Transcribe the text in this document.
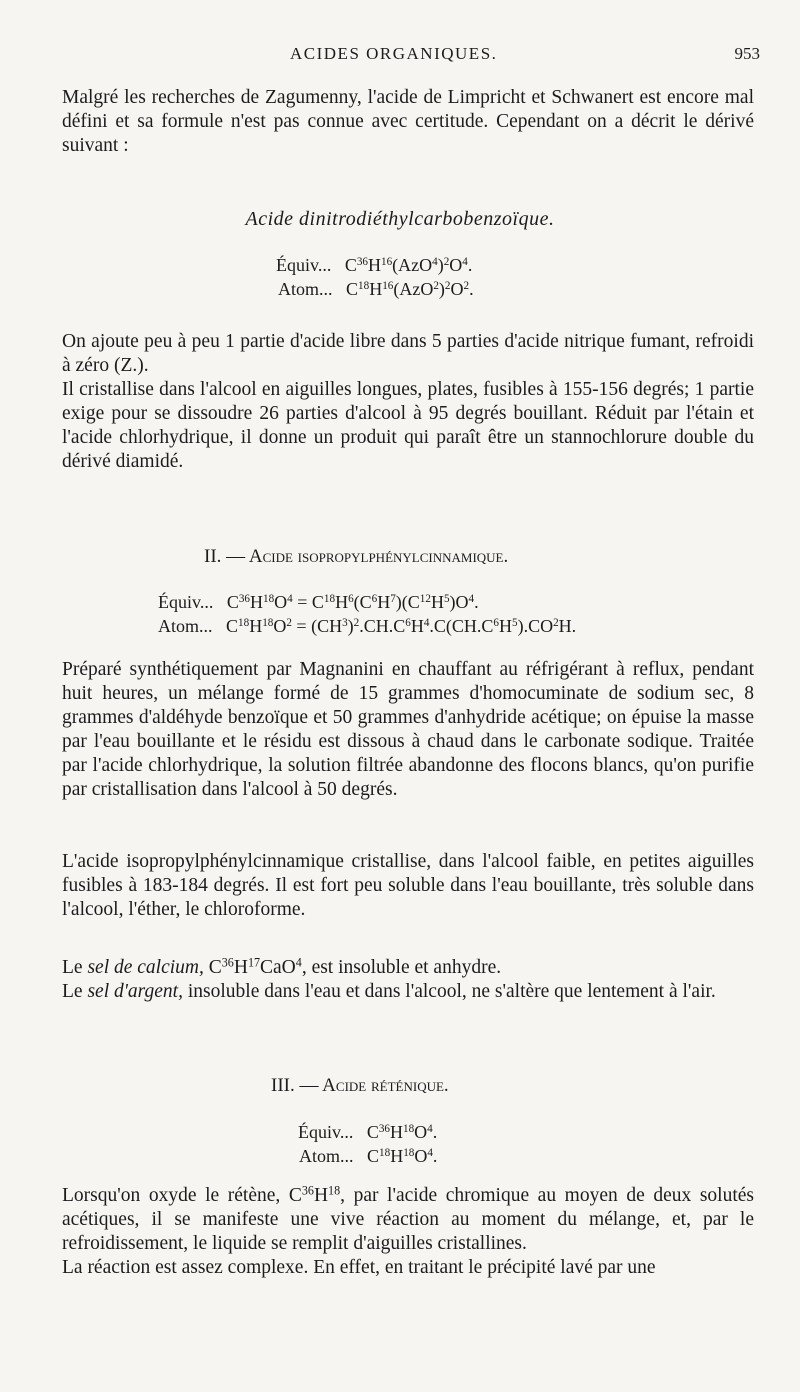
ACIDES ORGANIQUES.	953

Malgré les recherches de Zagumenny, l'acide de Limpricht et Schwanert est encore mal défini et sa formule n'est pas connue avec certitude. Cependant on a décrit le dérivé suivant :

Acide dinitrodiéthylcarbobenzoïque.

Équiv...   $C^{36}H^{16}(AzO^4)^2O^4$.
Atom...   $C^{18}H^{16}(AzO^2)^2O^2$.

On ajoute peu à peu 1 partie d'acide libre dans 5 parties d'acide nitrique fumant, refroidi à zéro (Z.).

Il cristallise dans l'alcool en aiguilles longues, plates, fusibles à 155-156 degrés; 1 partie exige pour se dissoudre 26 parties d'alcool à 95 degrés bouillant. Réduit par l'étain et l'acide chlorhydrique, il donne un produit qui paraît être un stannochlorure double du dérivé diamidé.

II. — Acide isopropylphénylcinnamique.
Équiv...   $C^{36}H^{18}O^4 = C^{18}H^6(C^6H^7)(C^{12}H^5)O^4$.
Atom...   $C^{18}H^{18}O^2 = (CH^3)^2.CH.C^6H^4.C(CH.C^6H^5).CO^2H$.

Préparé synthétiquement par Magnanini en chauffant au réfrigérant à reflux, pendant huit heures, un mélange formé de 15 grammes d'homocuminate de sodium sec, 8 grammes d'aldéhyde benzoïque et 50 grammes d'anhydride acétique; on épuise la masse par l'eau bouillante et le résidu est dissous à chaud dans le carbonate sodique. Traitée par l'acide chlorhydrique, la solution filtrée abandonne des flocons blancs, qu'on purifie par cristallisation dans l'alcool à 50 degrés.

L'acide isopropylphénylcinnamique cristallise, dans l'alcool faible, en petites aiguilles fusibles à 183-184 degrés. Il est fort peu soluble dans l'eau bouillante, très soluble dans l'alcool, l'éther, le chloroforme.

Le sel de calcium, $C^{36}H^{17}CaO^4$, est insoluble et anhydre.

Le sel d'argent, insoluble dans l'eau et dans l'alcool, ne s'altère que lentement à l'air.

III. — Acide réténique.
Équiv...   $C^{36}H^{18}O^4$.
Atom...   $C^{18}H^{18}O^4$.

Lorsqu'on oxyde le rétène, $C^{36}H^{18}$, par l'acide chromique au moyen de deux solutés acétiques, il se manifeste une vive réaction au moment du mélange, et, par le refroidissement, le liquide se remplit d'aiguilles cristallines.

La réaction est assez complexe. En effet, en traitant le précipité lavé par une
